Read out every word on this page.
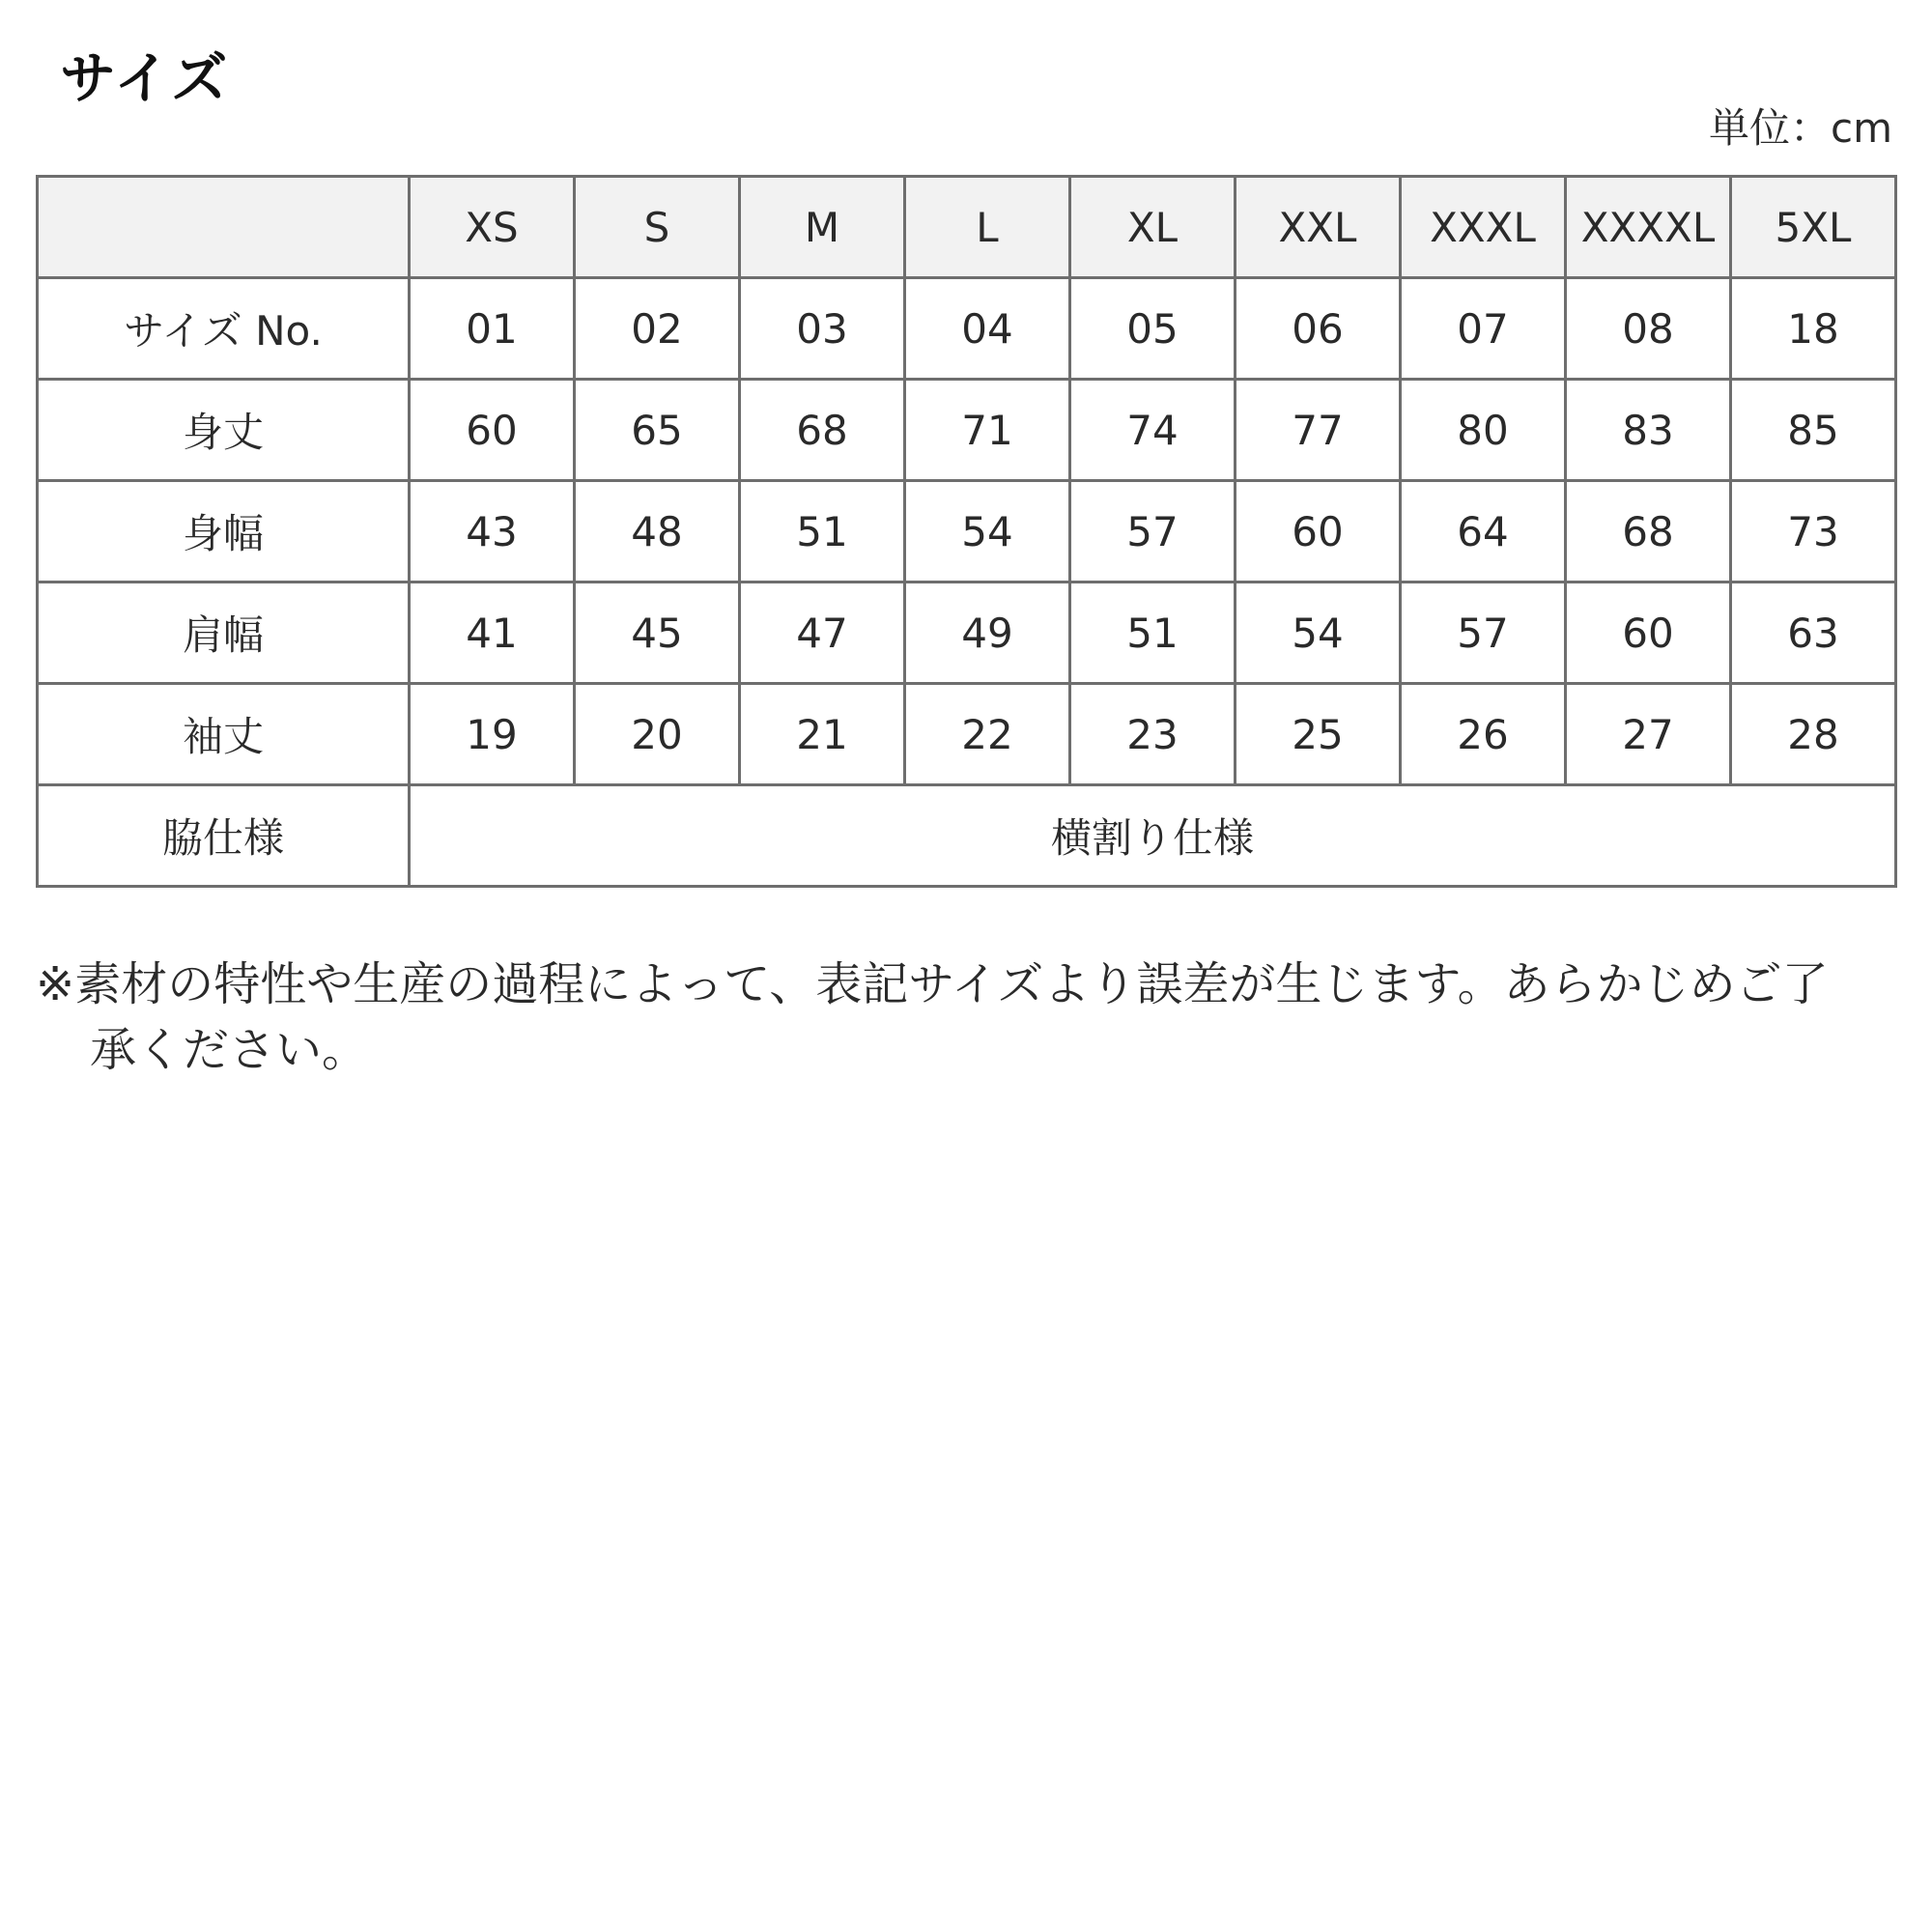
サイズ
単位：cm
	XS	S	M	L	XL	XXL	XXXL	XXXXL	5XL
サイズ No.	01	02	03	04	05	06	07	08	18
身丈	60	65	68	71	74	77	80	83	85
身幅	43	48	51	54	57	60	64	68	73
肩幅	41	45	47	49	51	54	57	60	63
袖丈	19	20	21	22	23	25	26	27	28
脇仕様	横割り仕様								
※素材の特性や生産の過程によって、表記サイズより誤差が生じます。あらかじめご了承ください。
